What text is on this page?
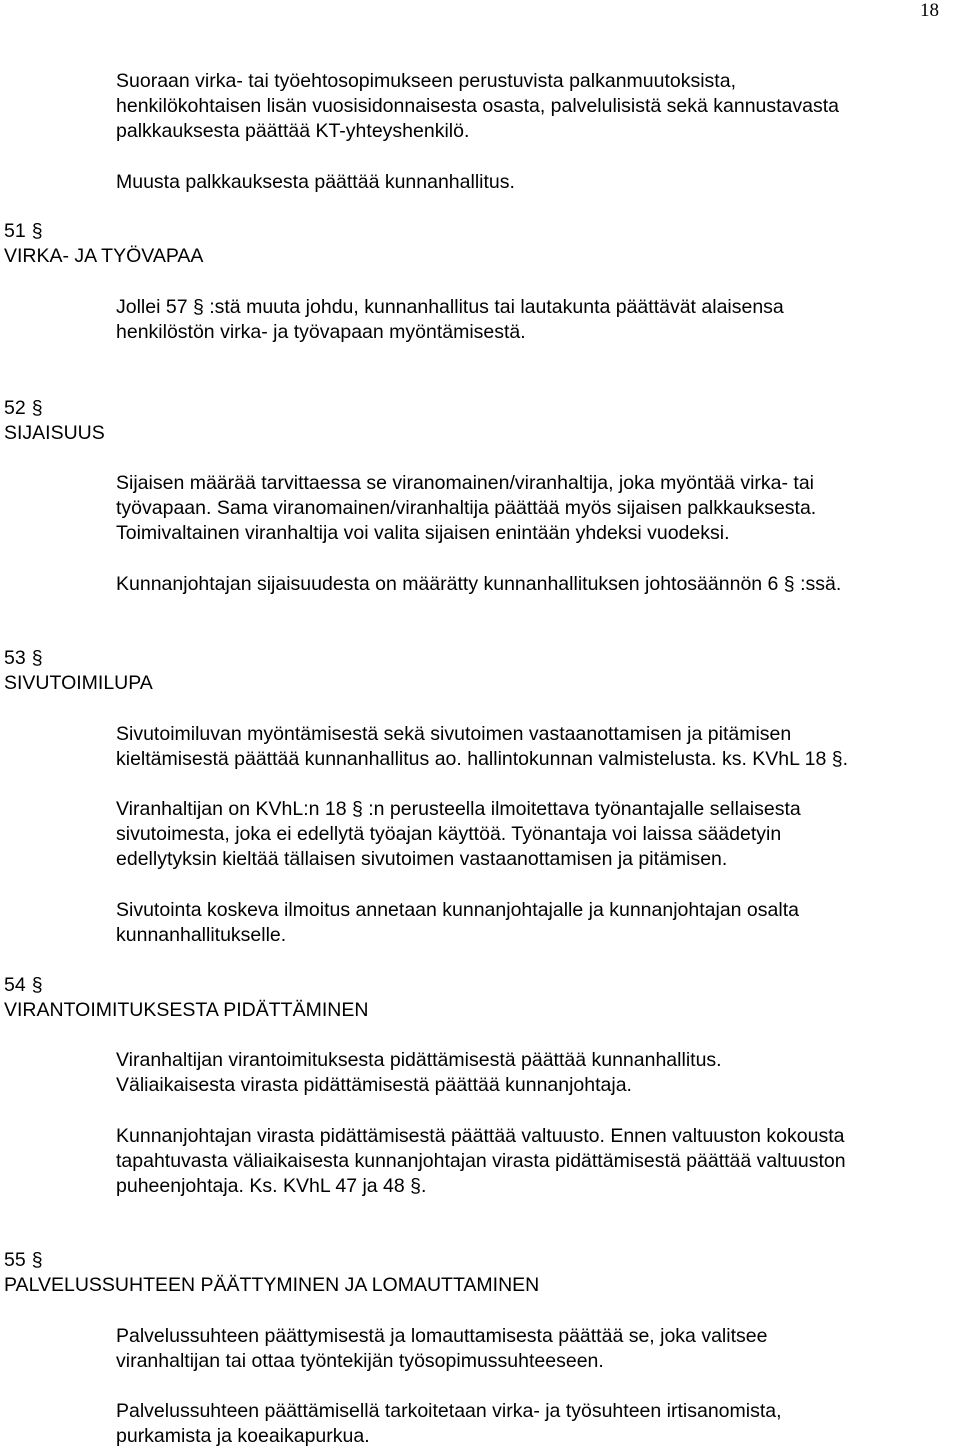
18

Suoraan virka- tai työehtosopimukseen perustuvista palkanmuutoksista,

henkilökohtaisen lisän vuosisidonnaisesta osasta, palvelulisistä sekä kannustavasta

palkkauksesta päättää KT-yhteyshenkilö.

Muusta palkkauksesta päättää kunnanhallitus.

51 §
VIRKA- JA TYÖVAPAA

Jollei 57 § :stä muuta johdu, kunnanhallitus tai lautakunta päättävät alaisensa

henkilöstön virka- ja työvapaan myöntämisestä.

52 §
SIJAISUUS

Sijaisen määrää tarvittaessa se viranomainen/viranhaltija, joka myöntää virka- tai

työvapaan. Sama viranomainen/viranhaltija päättää myös sijaisen palkkauksesta.

Toimivaltainen viranhaltija voi valita sijaisen enintään yhdeksi vuodeksi.

Kunnanjohtajan sijaisuudesta on määrätty kunnanhallituksen johtosäännön 6 § :ssä.

53 §
SIVUTOIMILUPA

Sivutoimiluvan myöntämisestä sekä sivutoimen vastaanottamisen ja pitämisen

kieltämisestä päättää kunnanhallitus ao. hallintokunnan valmistelusta. ks. KVhL 18 §.

Viranhaltijan on KVhL:n 18 § :n perusteella ilmoitettava työnantajalle sellaisesta

sivutoimesta, joka ei edellytä työajan käyttöä. Työnantaja voi laissa säädetyin

edellytyksin kieltää tällaisen sivutoimen vastaanottamisen ja pitämisen.

Sivutointa koskeva ilmoitus annetaan kunnanjohtajalle ja kunnanjohtajan osalta

kunnanhallitukselle.

54 §
VIRANTOIMITUKSESTA PIDÄTTÄMINEN

Viranhaltijan virantoimituksesta pidättämisestä päättää kunnanhallitus.

Väliaikaisesta virasta pidättämisestä päättää kunnanjohtaja.

Kunnanjohtajan virasta pidättämisestä päättää valtuusto. Ennen valtuuston kokousta

tapahtuvasta väliaikaisesta kunnanjohtajan virasta pidättämisestä päättää valtuuston

puheenjohtaja. Ks. KVhL 47 ja 48 §.

55 §
PALVELUSSUHTEEN PÄÄTTYMINEN JA LOMAUTTAMINEN

Palvelussuhteen päättymisestä ja lomauttamisesta päättää se, joka valitsee

viranhaltijan tai ottaa työntekijän työsopimussuhteeseen.

Palvelussuhteen päättämisellä tarkoitetaan virka- ja työsuhteen irtisanomista,

purkamista ja koeaikapurkua.
